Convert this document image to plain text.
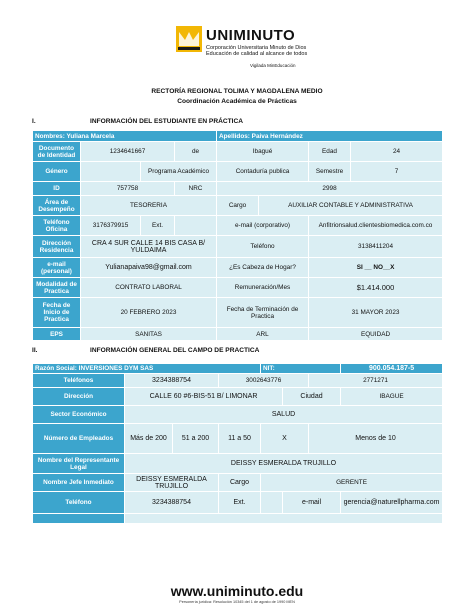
UNIMINUTO
Corporación Universitaria Minuto de Dios
Educación de calidad al alcance de todos
Vigilada MinEducación
RECTORÍA REGIONAL TOLIMA Y MAGDALENA MEDIO
Coordinación Académica de Prácticas
I.	INFORMACIÓN DEL ESTUDIANTE EN PRÁCTICA
Nombres: Yuliana Marcela				Apellidos: Paiva Hernández			
Documento de Identidad	1234641667		de	Ibagué		Edad	24
Género		Programa Académico		Contaduría publica		Semestre	7
ID	757758		NRC	2998			
Área de Desempeño	TESORERIA			Cargo	AUXILIAR CONTABLE Y ADMINISTRATIVA		
Teléfono Oficina	3176379915	Ext.		e-mail (corporativo)		Anfitrionsalud.clientesbiomedica.com.co	
Dirección Residencia	CRA 4 SUR CALLE 14 BIS CASA B/ YULDAIMA			Teléfono		3138411204	
e-mail (personal)	Yulianapaiva98@gmail.com			¿Es Cabeza de Hogar?		SI __ NO__X	
Modalidad de Practica	CONTRATO LABORAL			Remuneración/Mes		$1.414.000	
Fecha de Inicio de Practica	20 FEBRERO 2023			Fecha de Terminación de Practica		31 MAYOR 2023	
EPS	SANITAS			ARL		EQUIDAD	
II.	INFORMACIÓN GENERAL DEL CAMPO DE PRACTICA
Razón Social: INVERSIONES DYM SAS				NIT:			900.054.187-5
Teléfonos	3234388754		3002643776			2771271	
Dirección	CALLE 60 #6-BIS-51 B/ LIMONAR				Ciudad		IBAGUE
Sector Económico	SALUD						
Número de Empleados	Más de 200	51 a 200	11 a 50	X		Menos de 10	
Nombre del Representante Legal	DEISSY ESMERALDA TRUJILLO						
Nombre Jefe Inmediato	DEISSY ESMERALDA TRUJILLO		Cargo	GERENTE			
Teléfono	3234388754		Ext.		e-mail		gerencia@naturellpharma.com

www.uniminuto.edu
Personería jurídica: Resolución 10345 del 1 de agosto de 1990 MEN
